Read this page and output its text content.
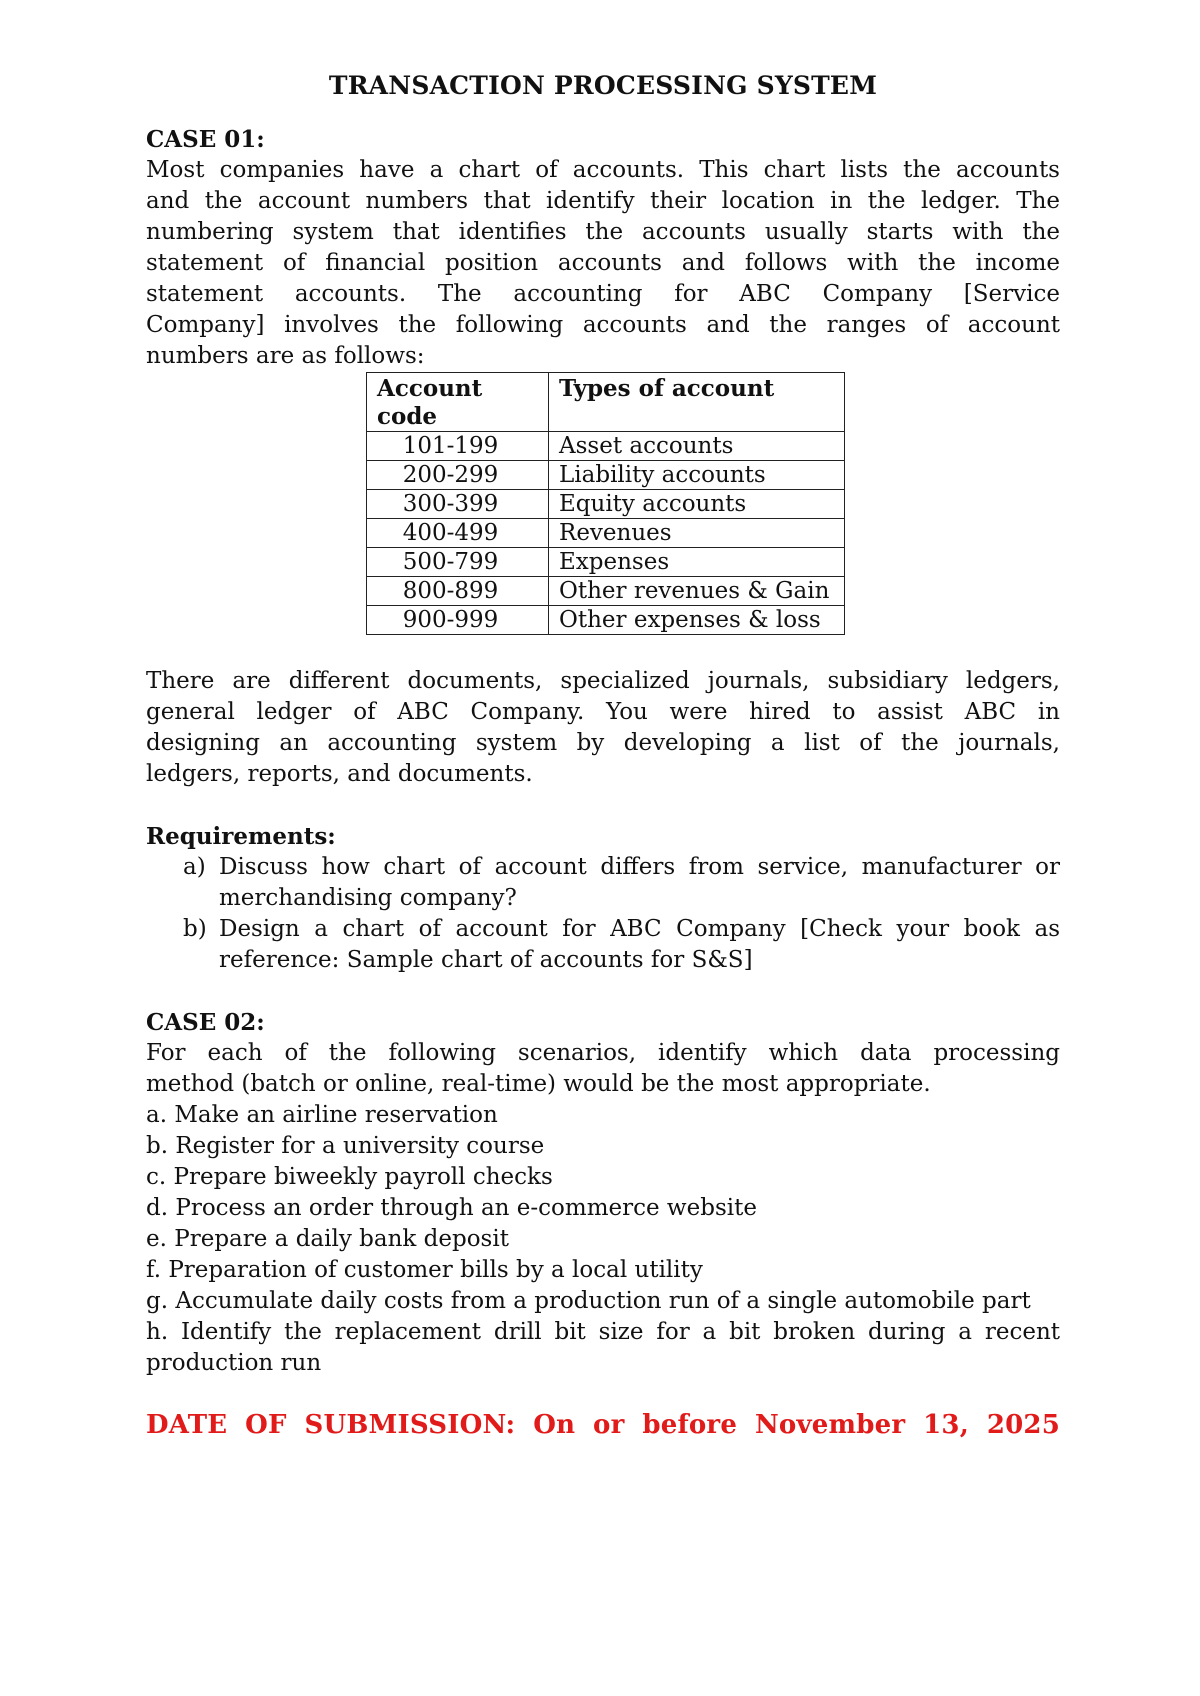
TRANSACTION PROCESSING SYSTEM

CASE 01:

Most companies have a chart of accounts. This chart lists the accounts

and the account numbers that identify their location in the ledger. The

numbering system that identifies the accounts usually starts with the

statement of financial position accounts and follows with the income

statement accounts. The accounting for ABC Company [Service

Company] involves the following accounts and the ranges of account

numbers are as follows:

Account code	Types of account
101-199	Asset accounts
200-299	Liability accounts
300-399	Equity accounts
400-499	Revenues
500-799	Expenses
800-899	Other revenues & Gain
900-999	Other expenses & loss

There are different documents, specialized journals, subsidiary ledgers,

general ledger of ABC Company. You were hired to assist ABC in

designing an accounting system by developing a list of the journals,

ledgers, reports, and documents.

Requirements:

a) Discuss how chart of account differs from service, manufacturer or merchandising company?
b) Design a chart of account for ABC Company [Check your book as reference: Sample chart of accounts for S&S]

CASE 02:

For each of the following scenarios, identify which data processing

method (batch or online, real-time) would be the most appropriate.

a. Make an airline reservation

b. Register for a university course

c. Prepare biweekly payroll checks

d. Process an order through an e-commerce website

e. Prepare a daily bank deposit

f. Preparation of customer bills by a local utility

g. Accumulate daily costs from a production run of a single automobile part

h. Identify the replacement drill bit size for a bit broken during a recent production run

DATE OF SUBMISSION: On or before November 13, 2025
